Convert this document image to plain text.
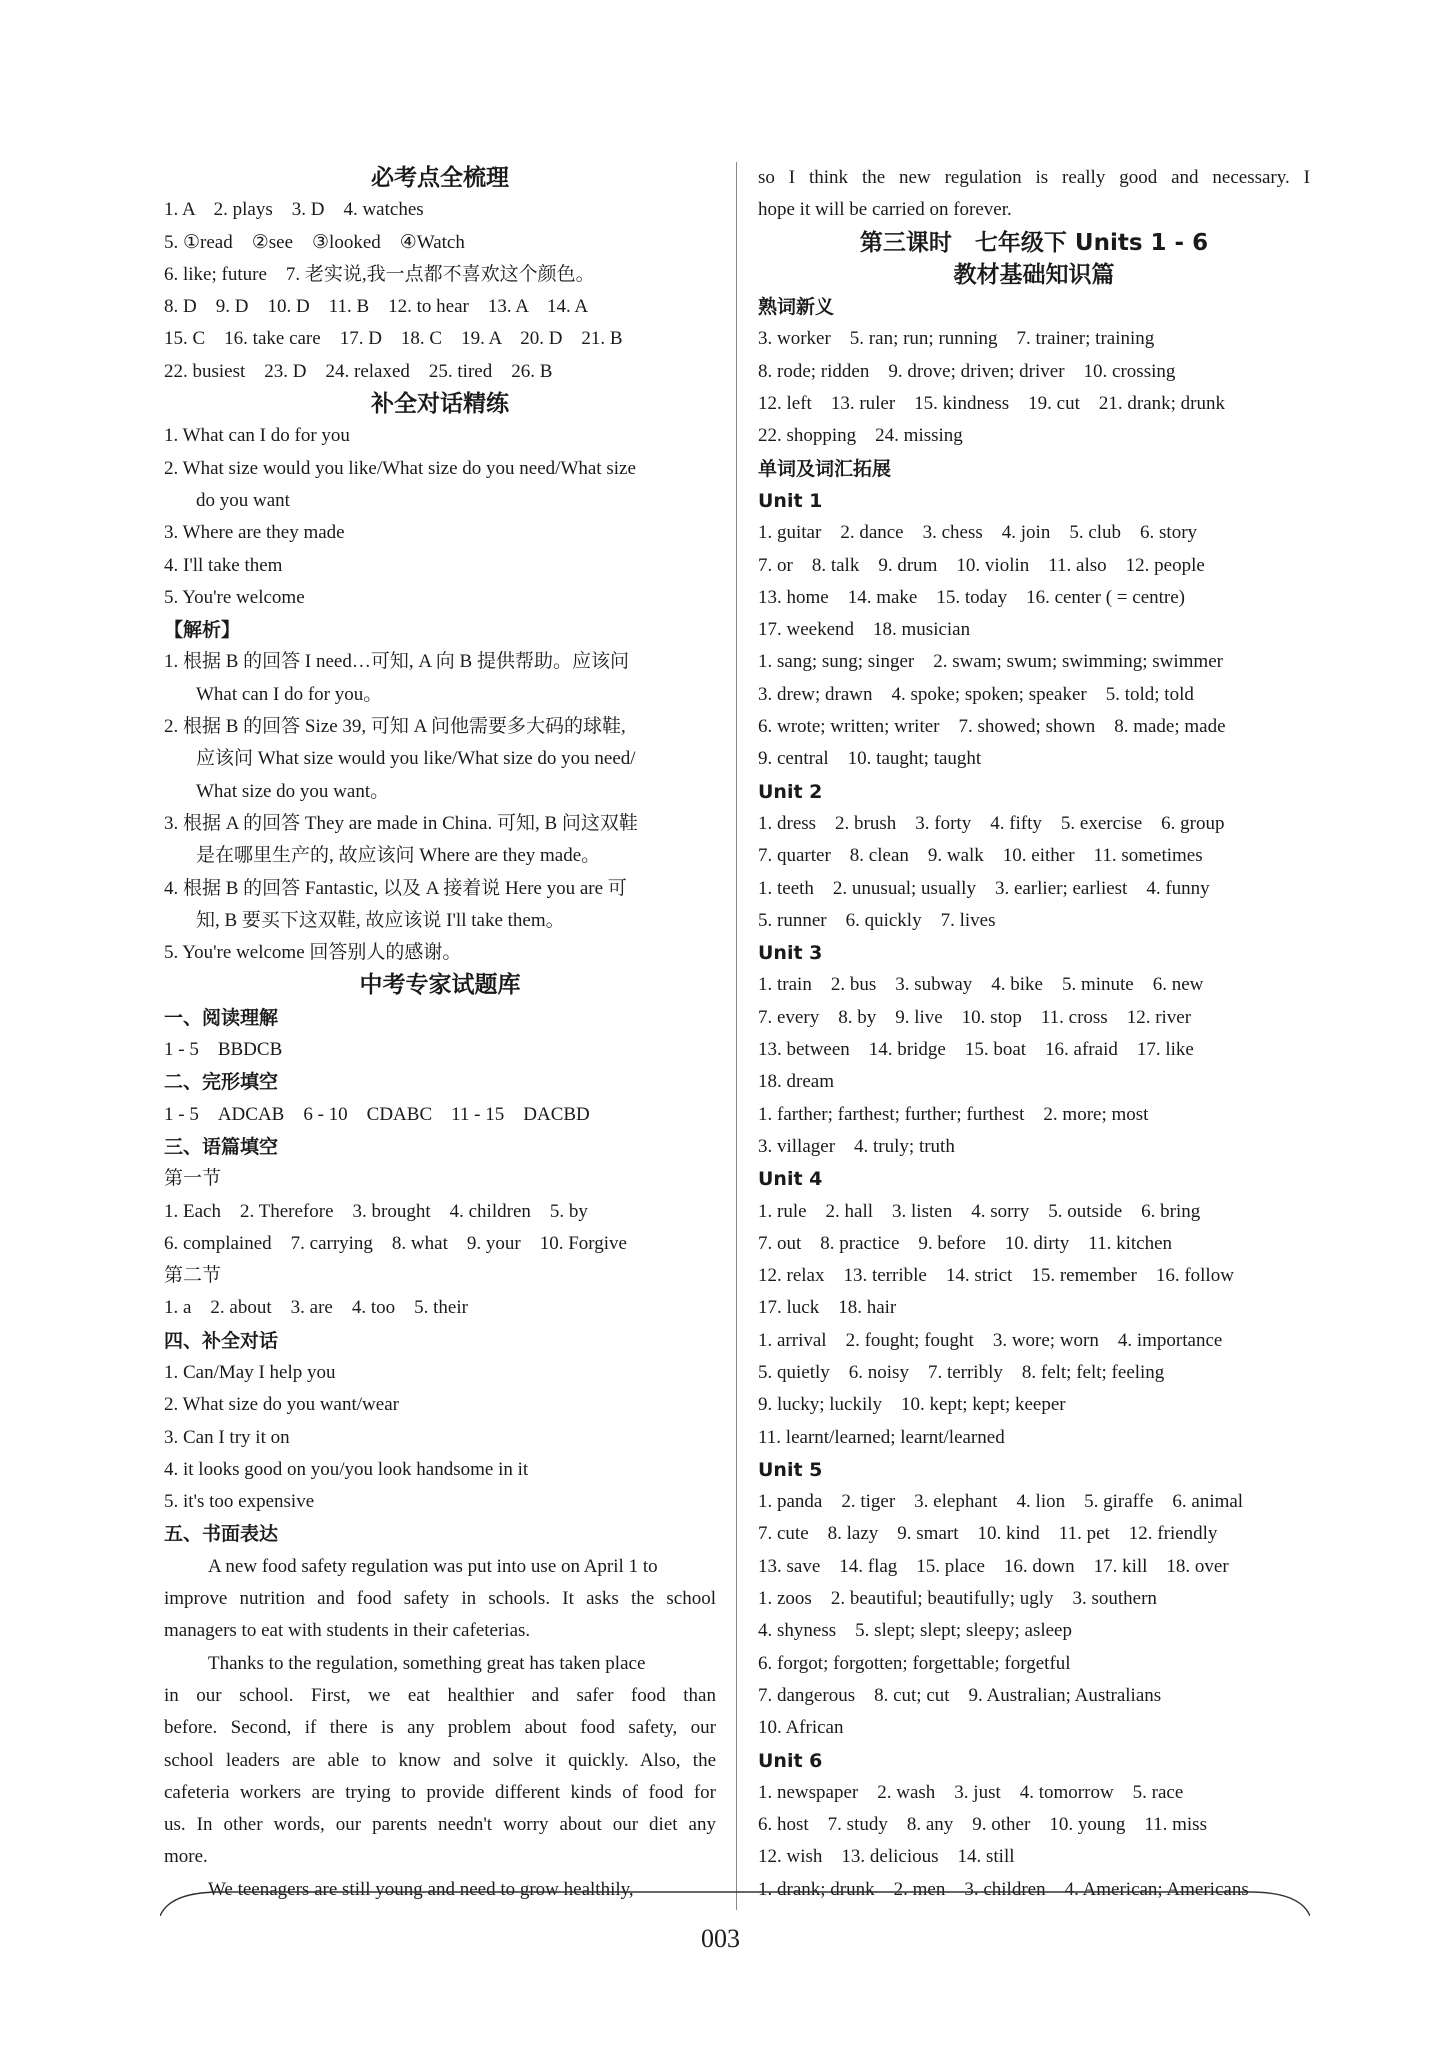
必考点全梳理
1. A　2. plays　3. D　4. watches
5. ①read　②see　③looked　④Watch
6. like; future　7. 老实说,我一点都不喜欢这个颜色。
8. D　9. D　10. D　11. B　12. to hear　13. A　14. A
15. C　16. take care　17. D　18. C　19. A　20. D　21. B
22. busiest　23. D　24. relaxed　25. tired　26. B
补全对话精练
1. What can I do for you
2. What size would you like/What size do you need/What size
do you want
3. Where are they made
4. I'll take them
5. You're welcome
【解析】
1. 根据 B 的回答 I need…可知, A 向 B 提供帮助。应该问
What can I do for you。
2. 根据 B 的回答 Size 39, 可知 A 问他需要多大码的球鞋,
应该问 What size would you like/What size do you need/
What size do you want。
3. 根据 A 的回答 They are made in China. 可知, B 问这双鞋
是在哪里生产的, 故应该问 Where are they made。
4. 根据 B 的回答 Fantastic, 以及 A 接着说 Here you are 可
知, B 要买下这双鞋, 故应该说 I'll take them。
5. You're welcome 回答别人的感谢。
中考专家试题库
一、阅读理解
1 - 5　BBDCB
二、完形填空
1 - 5　ADCAB　6 - 10　CDABC　11 - 15　DACBD
三、语篇填空
第一节
1. Each　2. Therefore　3. brought　4. children　5. by
6. complained　7. carrying　8. what　9. your　10. Forgive
第二节
1. a　2. about　3. are　4. too　5. their
四、补全对话
1. Can/May I help you
2. What size do you want/wear
3. Can I try it on
4. it looks good on you/you look handsome in it
5. it's too expensive
五、书面表达
A new food safety regulation was put into use on April 1 to
improve nutrition and food safety in schools. It asks the school
managers to eat with students in their cafeterias.
Thanks to the regulation, something great has taken place
in our school. First, we eat healthier and safer food than
before. Second, if there is any problem about food safety, our
school leaders are able to know and solve it quickly. Also, the
cafeteria workers are trying to provide different kinds of food for
us. In other words, our parents needn't worry about our diet any
more.
We teenagers are still young and need to grow healthily,
so I think the new regulation is really good and necessary. I
hope it will be carried on forever.
第三课时　七年级下 Units 1 - 6
教材基础知识篇
熟词新义
3. worker　5. ran; run; running　7. trainer; training
8. rode; ridden　9. drove; driven; driver　10. crossing
12. left　13. ruler　15. kindness　19. cut　21. drank; drunk
22. shopping　24. missing
单词及词汇拓展
Unit 1
1. guitar　2. dance　3. chess　4. join　5. club　6. story
7. or　8. talk　9. drum　10. violin　11. also　12. people
13. home　14. make　15. today　16. center ( = centre)
17. weekend　18. musician
1. sang; sung; singer　2. swam; swum; swimming; swimmer
3. drew; drawn　4. spoke; spoken; speaker　5. told; told
6. wrote; written; writer　7. showed; shown　8. made; made
9. central　10. taught; taught
Unit 2
1. dress　2. brush　3. forty　4. fifty　5. exercise　6. group
7. quarter　8. clean　9. walk　10. either　11. sometimes
1. teeth　2. unusual; usually　3. earlier; earliest　4. funny
5. runner　6. quickly　7. lives
Unit 3
1. train　2. bus　3. subway　4. bike　5. minute　6. new
7. every　8. by　9. live　10. stop　11. cross　12. river
13. between　14. bridge　15. boat　16. afraid　17. like
18. dream
1. farther; farthest; further; furthest　2. more; most
3. villager　4. truly; truth
Unit 4
1. rule　2. hall　3. listen　4. sorry　5. outside　6. bring
7. out　8. practice　9. before　10. dirty　11. kitchen
12. relax　13. terrible　14. strict　15. remember　16. follow
17. luck　18. hair
1. arrival　2. fought; fought　3. wore; worn　4. importance
5. quietly　6. noisy　7. terribly　8. felt; felt; feeling
9. lucky; luckily　10. kept; kept; keeper
11. learnt/learned; learnt/learned
Unit 5
1. panda　2. tiger　3. elephant　4. lion　5. giraffe　6. animal
7. cute　8. lazy　9. smart　10. kind　11. pet　12. friendly
13. save　14. flag　15. place　16. down　17. kill　18. over
1. zoos　2. beautiful; beautifully; ugly　3. southern
4. shyness　5. slept; slept; sleepy; asleep
6. forgot; forgotten; forgettable; forgetful
7. dangerous　8. cut; cut　9. Australian; Australians
10. African
Unit 6
1. newspaper　2. wash　3. just　4. tomorrow　5. race
6. host　7. study　8. any　9. other　10. young　11. miss
12. wish　13. delicious　14. still
1. drank; drunk　2. men　3. children　4. American; Americans
003
